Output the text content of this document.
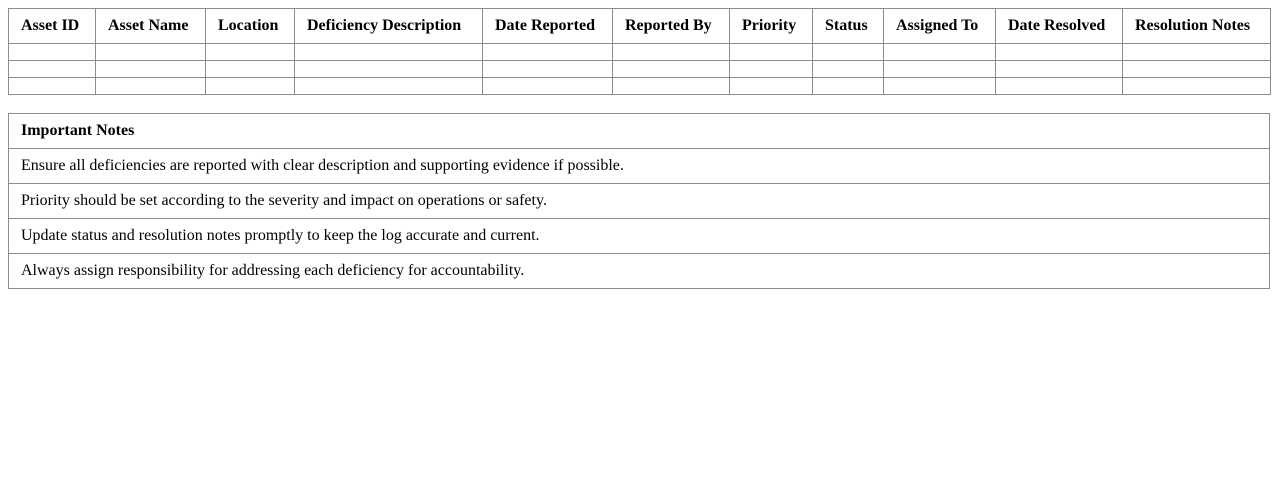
Asset ID	Asset Name	Location	Deficiency Description	Date Reported	Reported By	Priority	Status	Assigned To	Date Resolved	Resolution Notes

Important Notes
Ensure all deficiencies are reported with clear description and supporting evidence if possible.
Priority should be set according to the severity and impact on operations or safety.
Update status and resolution notes promptly to keep the log accurate and current.
Always assign responsibility for addressing each deficiency for accountability.
